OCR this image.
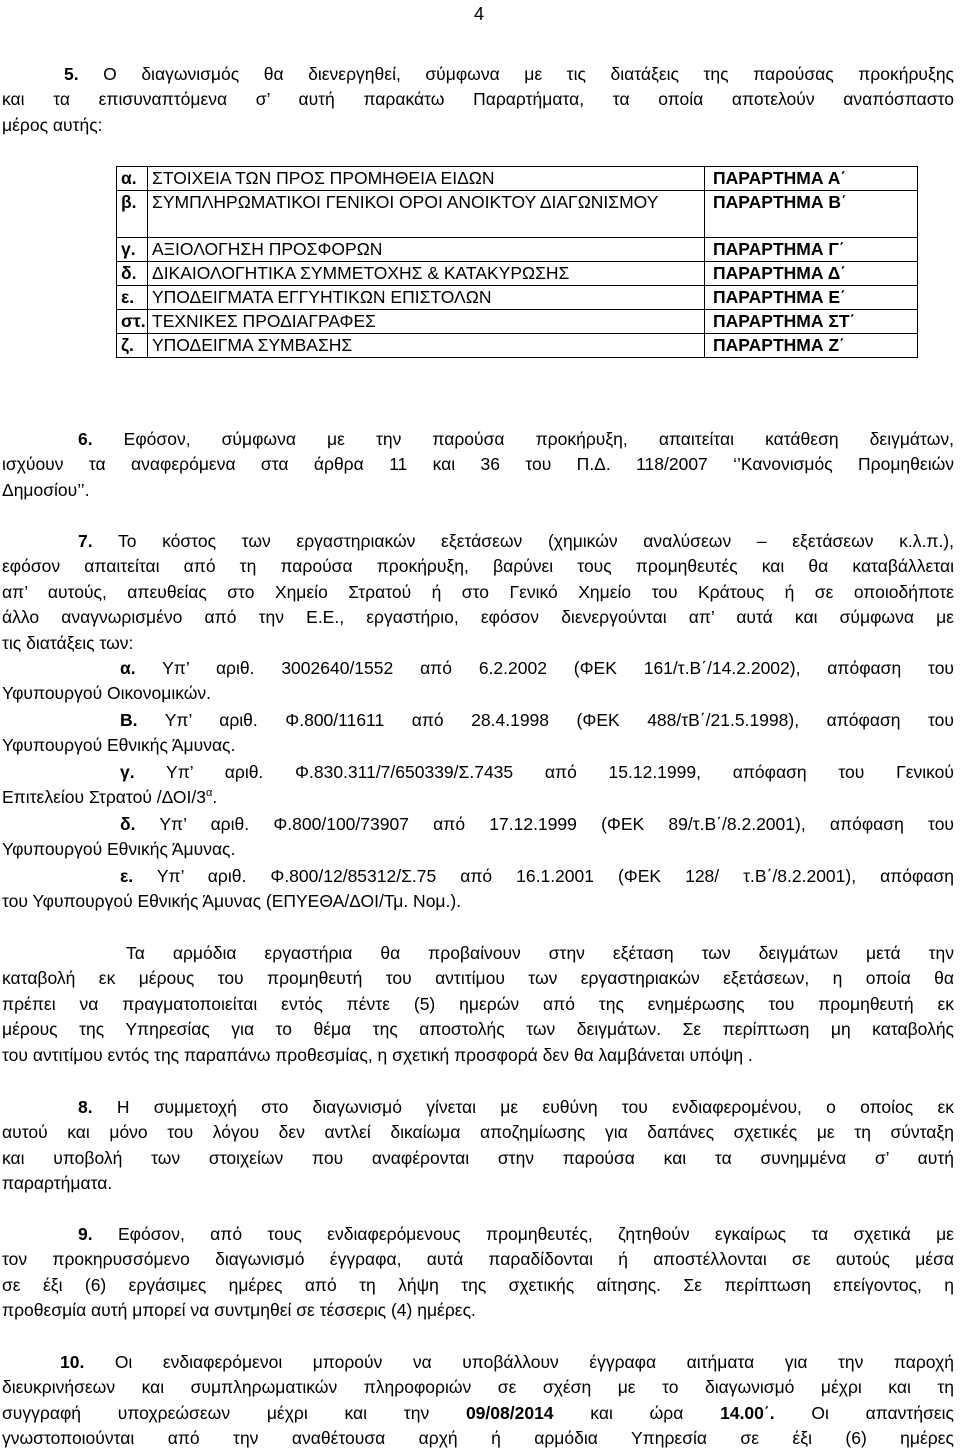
4

5. Ο διαγωνισμός θα διενεργηθεί, σύμφωνα με τις διατάξεις της παρούσας προκήρυξης
και τα επισυναπτόμενα σ’ αυτή παρακάτω Παραρτήματα, τα οποία αποτελούν αναπόσπαστο
μέρος αυτής:

α.	ΣΤΟΙΧΕΙΑ ΤΩΝ ΠΡΟΣ ΠΡΟΜΗΘΕΙΑ ΕΙΔΩΝ	ΠΑΡΑΡΤΗΜΑ Α΄
β.	ΣΥΜΠΛΗΡΩΜΑΤΙΚΟΙ ΓΕΝΙΚΟΙ ΟΡΟΙ ΑΝΟΙΚΤΟΥ ΔΙΑΓΩΝΙΣΜΟΥ	ΠΑΡΑΡΤΗΜΑ Β΄
γ.	ΑΞΙΟΛΟΓΗΣΗ ΠΡΟΣΦΟΡΩΝ	ΠΑΡΑΡΤΗΜΑ Γ΄
δ.	ΔΙΚΑΙΟΛΟΓΗΤΙΚΑ ΣΥΜΜΕΤΟΧΗΣ & ΚΑΤΑΚΥΡΩΣΗΣ	ΠΑΡΑΡΤΗΜΑ Δ΄
ε.	ΥΠΟΔΕΙΓΜΑΤΑ ΕΓΓΥΗΤΙΚΩΝ ΕΠΙΣΤΟΛΩΝ	ΠΑΡΑΡΤΗΜΑ Ε΄
στ.	ΤΕΧΝΙΚΕΣ ΠΡΟΔΙΑΓΡΑΦΕΣ	ΠΑΡΑΡΤΗΜΑ ΣΤ΄
ζ.	ΥΠΟΔΕΙΓΜΑ ΣΥΜΒΑΣΗΣ	ΠΑΡΑΡΤΗΜΑ Ζ΄

6. Εφόσον, σύμφωνα με την παρούσα προκήρυξη, απαιτείται κατάθεση δειγμάτων,
ισχύουν τα αναφερόμενα στα άρθρα 11 και 36 του Π.Δ. 118/2007 ‘’Κανονισμός Προμηθειών
Δημοσίου’’.

7. Το κόστος των εργαστηριακών εξετάσεων (χημικών αναλύσεων – εξετάσεων κ.λ.π.),
εφόσον απαιτείται από τη παρούσα προκήρυξη, βαρύνει τους προμηθευτές και θα καταβάλλεται
απ’ αυτούς, απευθείας στο Χημείο Στρατού ή στο Γενικό Χημείο του Κράτους ή σε οποιοδήποτε
άλλο αναγνωρισμένο από την Ε.Ε., εργαστήριο, εφόσον διενεργούνται απ’ αυτά και σύμφωνα με
τις διατάξεις των:

α. Υπ’ αριθ. 3002640/1552 από 6.2.2002 (ΦΕΚ 161/τ.Β΄/14.2.2002), απόφαση του
Υφυπουργού Οικονομικών.

Β. Υπ’ αριθ. Φ.800/11611 από 28.4.1998 (ΦΕΚ 488/τΒ΄/21.5.1998), απόφαση του
Υφυπουργού Εθνικής Άμυνας.

γ. Υπ’ αριθ. Φ.830.311/7/650339/Σ.7435 από 15.12.1999, απόφαση του Γενικού
Επιτελείου Στρατού $/\Delta OI/3^\alpha$.

δ. Υπ’ αριθ. Φ.800/100/73907 από 17.12.1999 (ΦΕΚ 89/τ.Β΄/8.2.2001), απόφαση του
Υφυπουργού Εθνικής Άμυνας.

ε. Υπ’ αριθ. Φ.800/12/85312/Σ.75 από 16.1.2001 (ΦΕΚ 128/ τ.Β΄/8.2.2001), απόφαση
του Υφυπουργού Εθνικής Άμυνας (ΕΠΥΕΘΑ/ΔΟΙ/Τμ. Νομ.).

Τα αρμόδια εργαστήρια θα προβαίνουν στην εξέταση των δειγμάτων μετά την
καταβολή εκ μέρους του προμηθευτή του αντιτίμου των εργαστηριακών εξετάσεων, η οποία θα
πρέπει να πραγματοποιείται εντός πέντε (5) ημερών από της ενημέρωσης του προμηθευτή εκ
μέρους της Υπηρεσίας για το θέμα της αποστολής των δειγμάτων. Σε περίπτωση μη καταβολής
του αντιτίμου εντός της παραπάνω προθεσμίας, η σχετική προσφορά δεν θα λαμβάνεται υπόψη .

8. Η συμμετοχή στο διαγωνισμό γίνεται με ευθύνη του ενδιαφερομένου, ο οποίος εκ
αυτού και μόνο του λόγου δεν αντλεί δικαίωμα αποζημίωσης για δαπάνες σχετικές με τη σύνταξη
και υποβολή των στοιχείων που αναφέρονται στην παρούσα και τα συνημμένα σ’ αυτή
παραρτήματα.

9. Εφόσον, από τους ενδιαφερόμενους προμηθευτές, ζητηθούν εγκαίρως τα σχετικά με
τον προκηρυσσόμενο διαγωνισμό έγγραφα, αυτά παραδίδονται ή αποστέλλονται σε αυτούς μέσα
σε έξι (6) εργάσιμες ημέρες από τη λήψη της σχετικής αίτησης. Σε περίπτωση επείγοντος, η
προθεσμία αυτή μπορεί να συντμηθεί σε τέσσερις (4) ημέρες.

10. Οι ενδιαφερόμενοι μπορούν να υποβάλλουν έγγραφα αιτήματα για την παροχή
διευκρινήσεων και συμπληρωματικών πληροφοριών σε σχέση με το διαγωνισμό μέχρι και τη
συγγραφή υποχρεώσεων μέχρι και την 09/08/2014 και ώρα 14.00΄. Οι απαντήσεις
γνωστοποιούνται από την αναθέτουσα αρχή ή αρμόδια Υπηρεσία σε έξι (6) ημέρες
